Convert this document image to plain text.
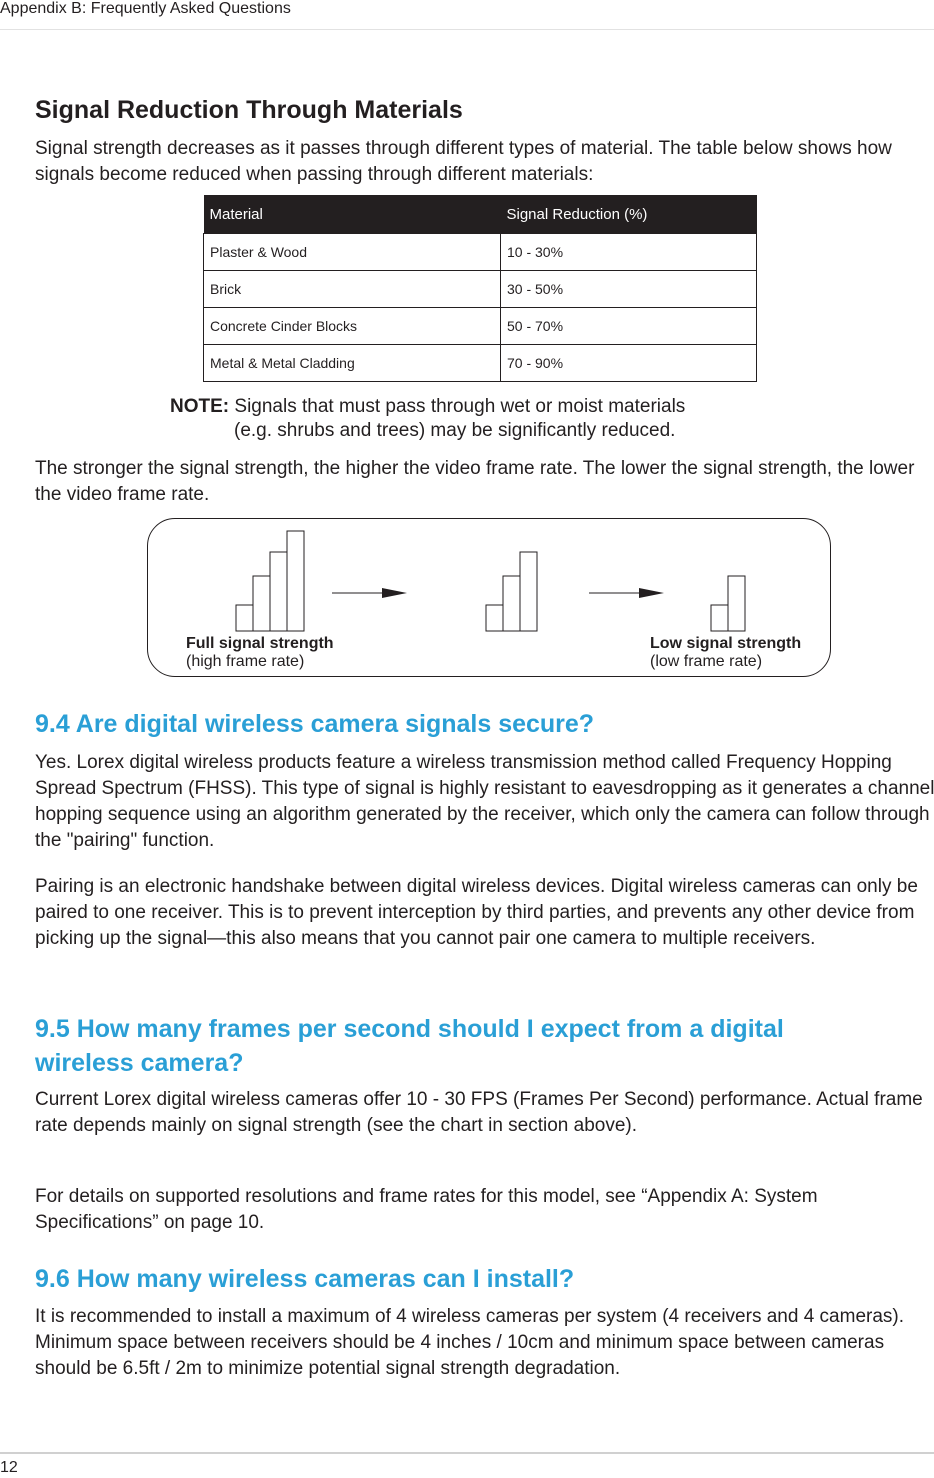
Appendix B: Frequently Asked Questions
Signal Reduction Through Materials

Signal strength decreases as it passes through different types of material. The table below shows how signals become reduced when passing through different materials:

Material	Signal Reduction (%)
Plaster & Wood	10 - 30%
Brick	30 - 50%
Concrete Cinder Blocks	50 - 70%
Metal & Metal Cladding	70 - 90%
NOTE: Signals that must pass through wet or moist materials
(e.g. shrubs and trees) may be significantly reduced.

The stronger the signal strength, the higher the video frame rate. The lower the signal strength, the lower the video frame rate.

Full signal strength
(high frame rate)
Low signal strength
(low frame rate)
9.4 Are digital wireless camera signals secure?

Yes. Lorex digital wireless products feature a wireless transmission method called Frequency Hopping Spread Spectrum (FHSS). This type of signal is highly resistant to eavesdropping as it generates a channel hopping sequence using an algorithm generated by the receiver, which only the camera can follow through the "pairing" function.

Pairing is an electronic handshake between digital wireless devices. Digital wireless cameras can only be paired to one receiver. This is to prevent interception by third parties, and prevents any other device from picking up the signal—this also means that you cannot pair one camera to multiple receivers.

9.5 How many frames per second should I expect from a digital
wireless camera?

Current Lorex digital wireless cameras offer 10 - 30 FPS (Frames Per Second) performance. Actual frame rate depends mainly on signal strength (see the chart in section above).

For details on supported resolutions and frame rates for this model, see “Appendix A: System Specifications” on page 10.

9.6 How many wireless cameras can I install?

It is recommended to install a maximum of 4 wireless cameras per system (4 receivers and 4 cameras). Minimum space between receivers should be 4 inches / 10cm and minimum space between cameras should be 6.5ft / 2m to minimize potential signal strength degradation.

12
